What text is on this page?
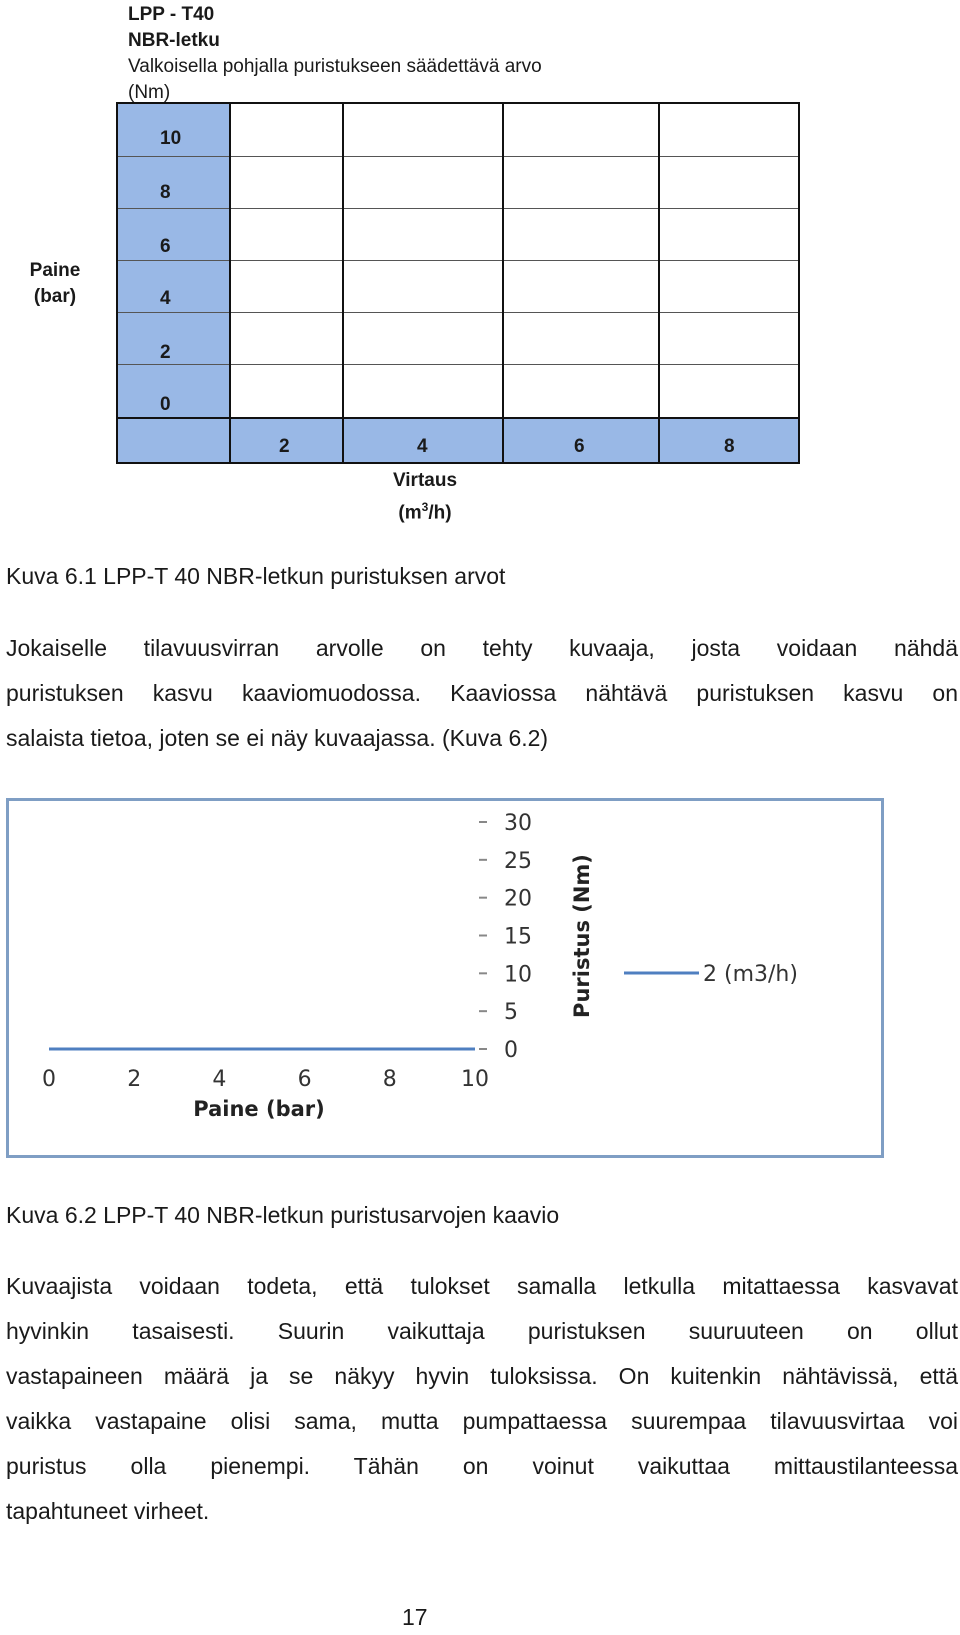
LPP - T40
NBR-letku
Valkoisella pohjalla puristukseen säädettävä arvo
(Nm)
Paine
(bar)
10
8
6
4
2
0
2	4	6	8
Virtaus
$(m^3/h)$
Kuva 6.1 LPP-T 40 NBR-letkun puristuksen arvot
Jokaiselle tilavuusvirran arvolle on tehty kuvaaja, josta voidaan nähdä
puristuksen kasvu kaaviomuodossa. Kaaviossa nähtävä puristuksen kasvu on
salaista tietoa, joten se ei näy kuvaajassa. (Kuva 6.2)
0	2	4	6	8	10
Paine (bar)
30
25
20
15
10
5
0
Puristus (Nm)	2 (m3/h)
Kuva 6.2 LPP-T 40 NBR-letkun puristusarvojen kaavio
Kuvaajista voidaan todeta, että tulokset samalla letkulla mitattaessa kasvavat
hyvinkin tasaisesti. Suurin vaikuttaja puristuksen suuruuteen on ollut
vastapaineen määrä ja se näkyy hyvin tuloksissa. On kuitenkin nähtävissä, että
vaikka vastapaine olisi sama, mutta pumpattaessa suurempaa tilavuusvirtaa voi
puristus olla pienempi. Tähän on voinut vaikuttaa mittaustilanteessa
tapahtuneet virheet.
17
